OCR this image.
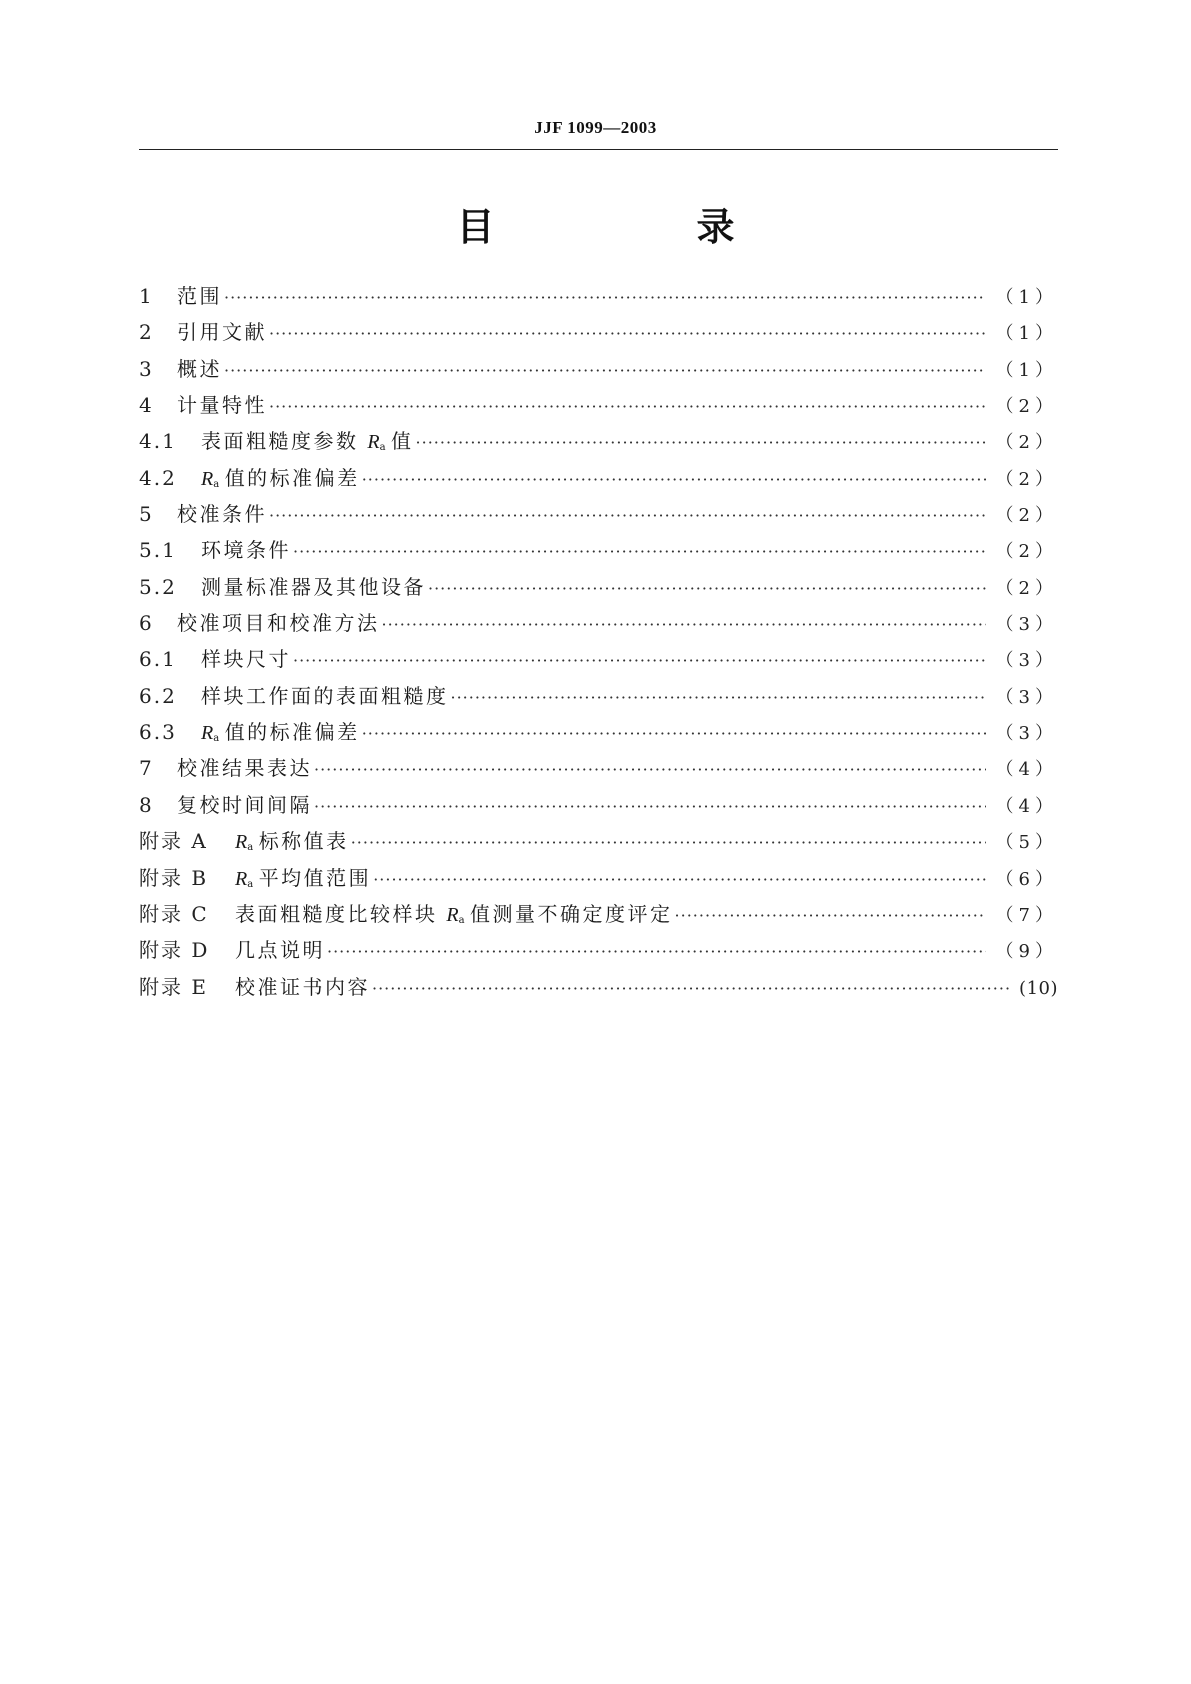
JJF 1099—2003
目　录
1	范围 ·····	（1）
2	引用文献 ·····	（1）
3	概述 ·····	（1）
4	计量特性 ·····	（2）
4.1	表面粗糙度参数 $R_a$ 值 ·····	（2）
4.2	$R_a$ 值的标准偏差 ·····	（2）
5	校准条件 ·····	（2）
5.1	环境条件 ·····	（2）
5.2	测量标准器及其他设备 ·····	（2）
6	校准项目和校准方法 ·····	（3）
6.1	样块尺寸 ·····	（3）
6.2	样块工作面的表面粗糙度 ·····	（3）
6.3	$R_a$ 值的标准偏差 ·····	（3）
7	校准结果表达 ·····	（4）
8	复校时间间隔 ·····	（4）
附录 A	$R_a$ 标称值表 ·····	（5）
附录 B	$R_a$ 平均值范围 ·····	（6）
附录 C	表面粗糙度比较样块 $R_a$ 值测量不确定度评定 ·····	（7）
附录 D	几点说明 ·····	（9）
附录 E	校准证书内容 ·····	(10)
